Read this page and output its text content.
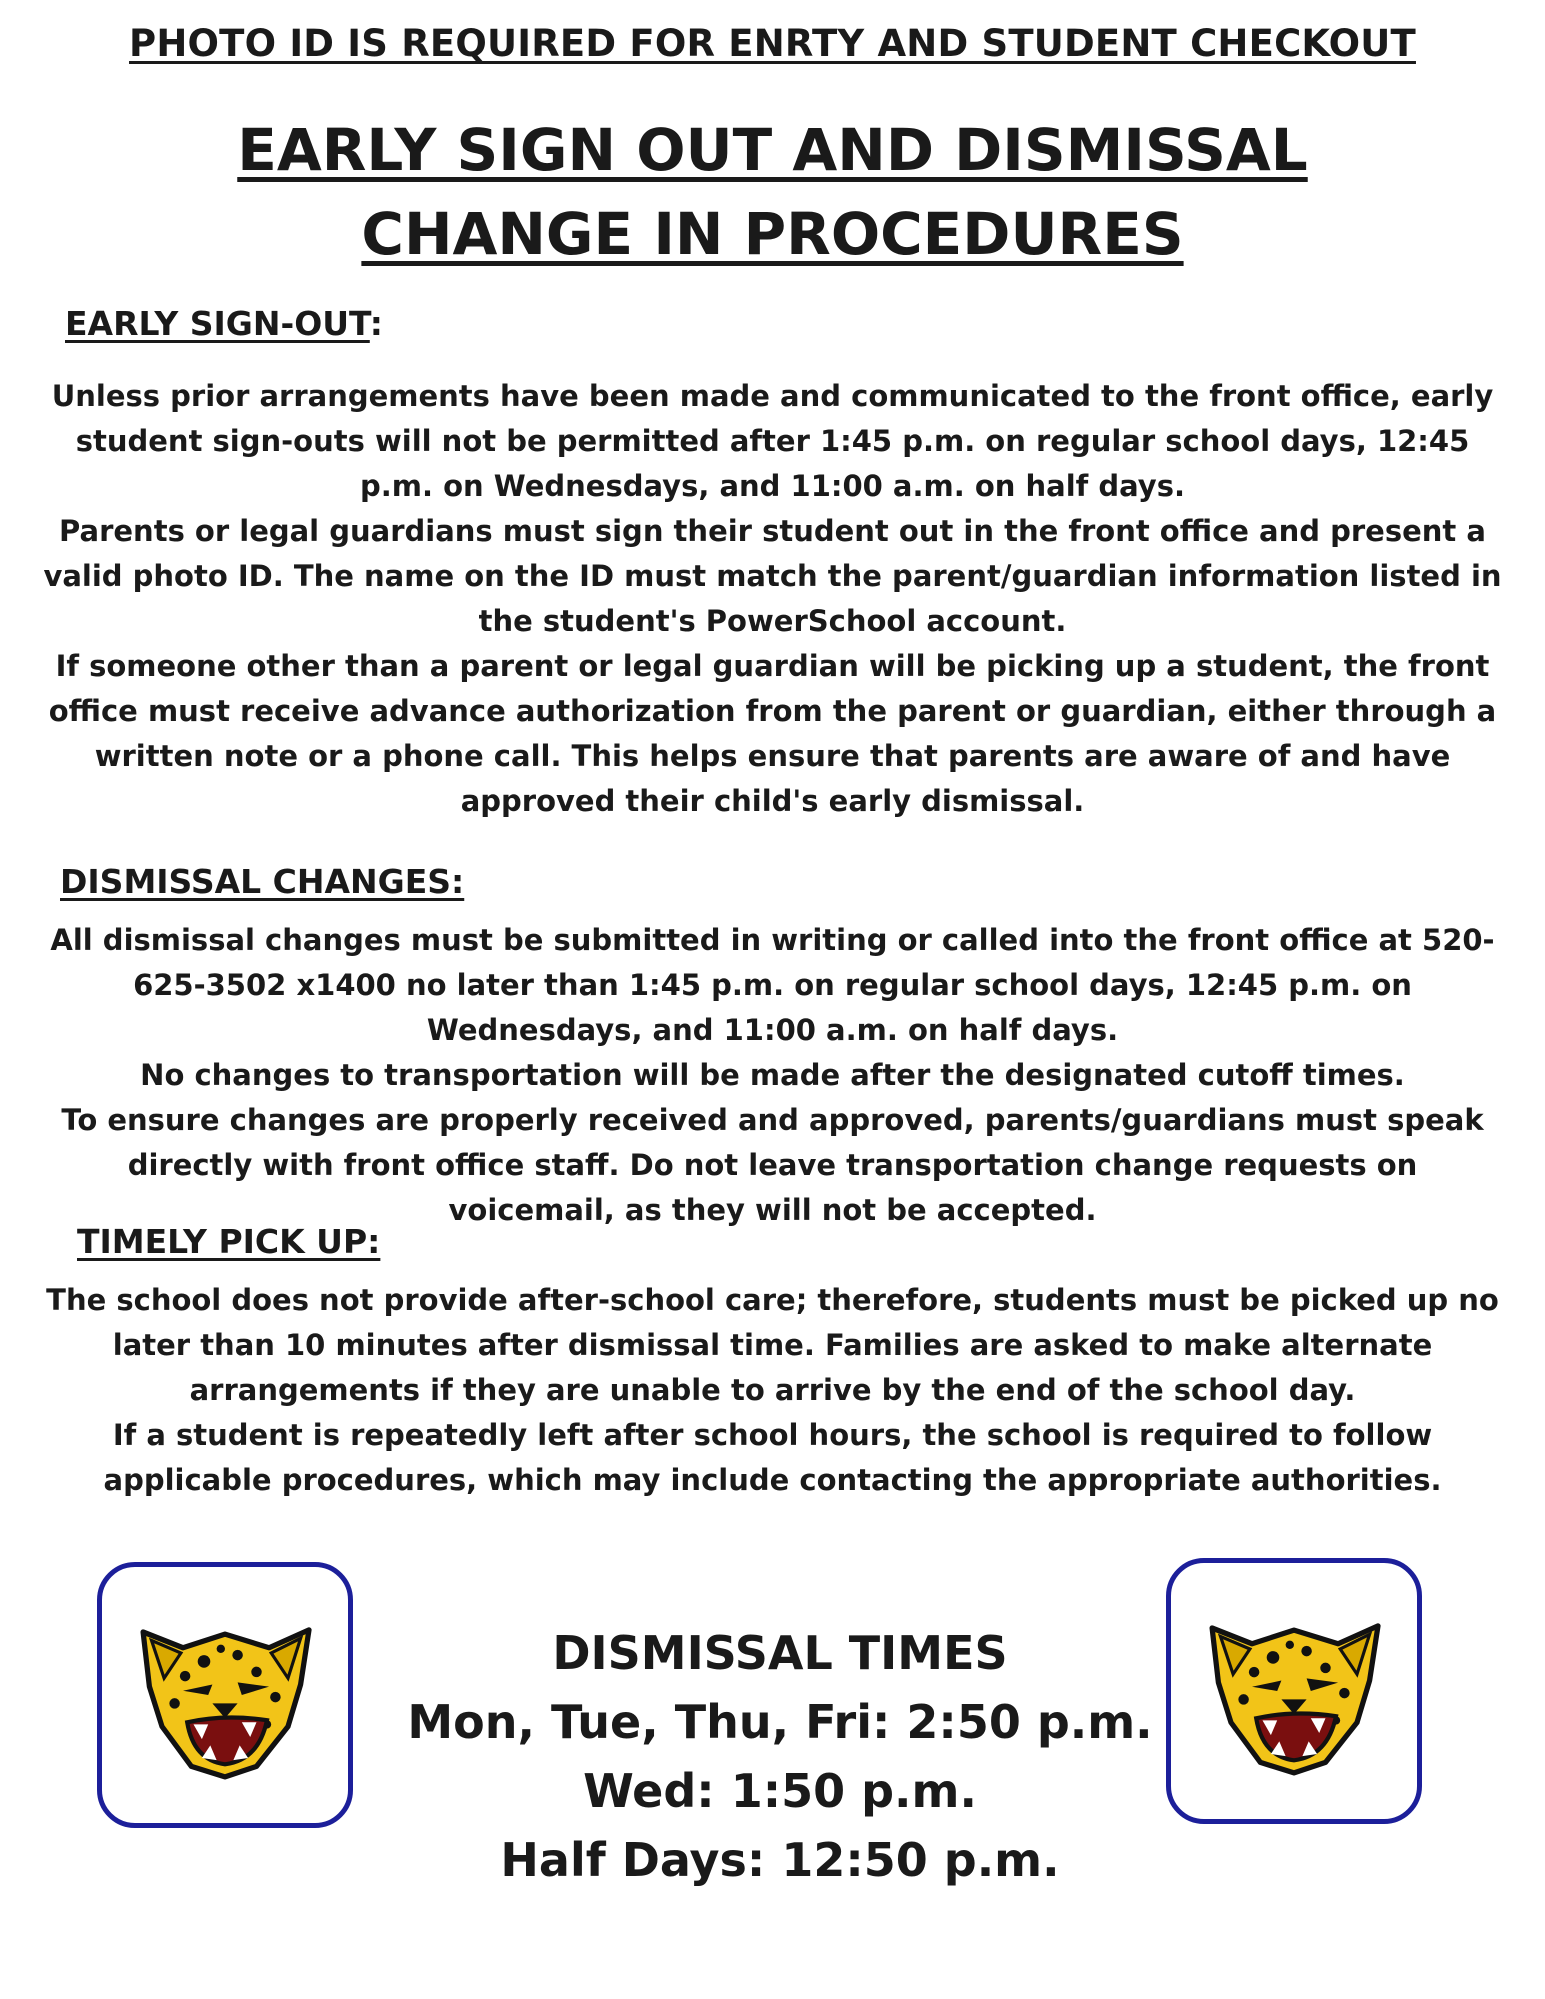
PHOTO ID IS REQUIRED FOR ENRTY AND STUDENT CHECKOUT
EARLY SIGN OUT AND DISMISSAL
CHANGE IN PROCEDURES
EARLY SIGN-OUT:

Unless prior arrangements have been made and communicated to the front office, early student sign-outs will not be permitted after 1:45 p.m. on regular school days, 12:45 p.m. on Wednesdays, and 11:00 a.m. on half days.

Parents or legal guardians must sign their student out in the front office and present a valid photo ID. The name on the ID must match the parent/guardian information listed in the student's PowerSchool account.

If someone other than a parent or legal guardian will be picking up a student, the front office must receive advance authorization from the parent or guardian, either through a written note or a phone call. This helps ensure that parents are aware of and have approved their child's early dismissal.

DISMISSAL CHANGES:

All dismissal changes must be submitted in writing or called into the front office at 520-625-3502 x1400 no later than 1:45 p.m. on regular school days, 12:45 p.m. on Wednesdays, and 11:00 a.m. on half days.

No changes to transportation will be made after the designated cutoff times.

To ensure changes are properly received and approved, parents/guardians must speak directly with front office staff. Do not leave transportation change requests on voicemail, as they will not be accepted.

TIMELY PICK UP:

The school does not provide after-school care; therefore, students must be picked up no later than 10 minutes after dismissal time. Families are asked to make alternate arrangements if they are unable to arrive by the end of the school day.

If a student is repeatedly left after school hours, the school is required to follow applicable procedures, which may include contacting the appropriate authorities.

DISMISSAL TIMES
Mon, Tue, Thu, Fri: 2:50 p.m.
Wed: 1:50 p.m.
Half Days: 12:50 p.m.
